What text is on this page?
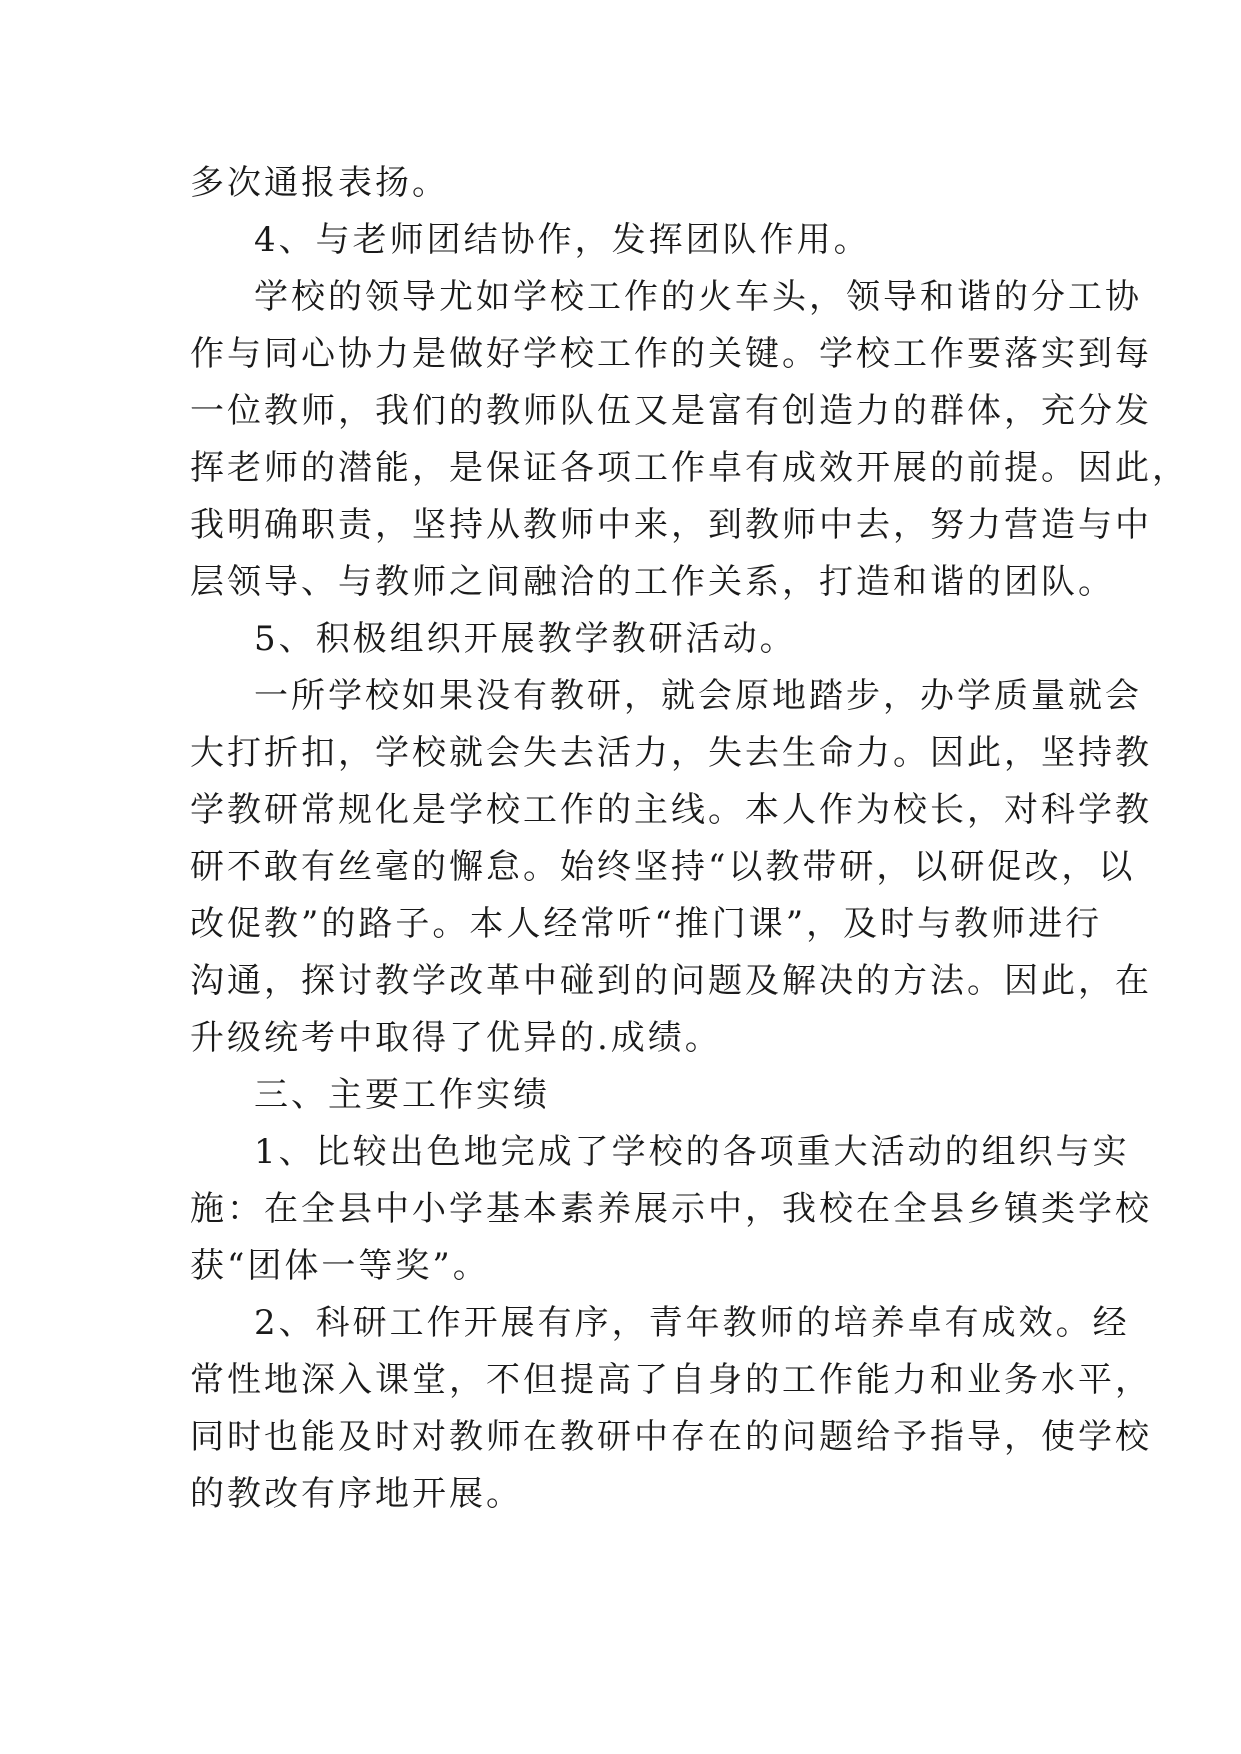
多次通报表扬。
4、与老师团结协作，发挥团队作用。
学校的领导尤如学校工作的火车头，领导和谐的分工协
作与同心协力是做好学校工作的关键。学校工作要落实到每
一位教师，我们的教师队伍又是富有创造力的群体，充分发
挥老师的潜能，是保证各项工作卓有成效开展的前提。因此，
我明确职责，坚持从教师中来，到教师中去，努力营造与中
层领导、与教师之间融洽的工作关系，打造和谐的团队。
5、积极组织开展教学教研活动。
一所学校如果没有教研，就会原地踏步，办学质量就会
大打折扣，学校就会失去活力，失去生命力。因此，坚持教
学教研常规化是学校工作的主线。本人作为校长，对科学教
研不敢有丝毫的懈怠。始终坚持“以教带研，以研促改，以
改促教”的路子。本人经常听“推门课”，及时与教师进行
沟通，探讨教学改革中碰到的问题及解决的方法。因此，在
升级统考中取得了优异的.成绩。
三、主要工作实绩
1、比较出色地完成了学校的各项重大活动的组织与实
施：在全县中小学基本素养展示中，我校在全县乡镇类学校
获“团体一等奖”。
2、科研工作开展有序，青年教师的培养卓有成效。经
常性地深入课堂，不但提高了自身的工作能力和业务水平，
同时也能及时对教师在教研中存在的问题给予指导，使学校
的教改有序地开展。
